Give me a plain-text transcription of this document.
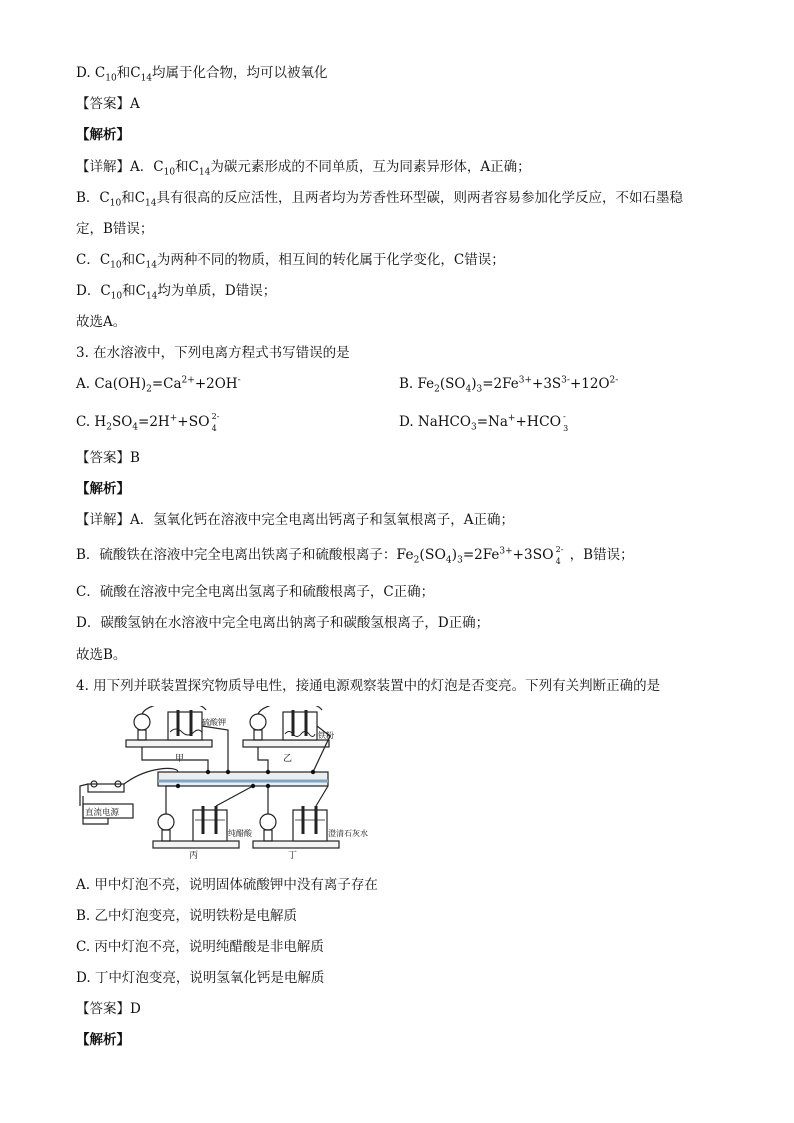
D. $C_{10}$和$C_{14}$均属于化合物，均可以被氧化
【答案】A
【解析】
【详解】A．$C_{10}$和$C_{14}$为碳元素形成的不同单质，互为同素异形体，A正确；
B．$C_{10}$和$C_{14}$具有很高的反应活性，且两者均为芳香性环型碳，则两者容易参加化学反应，不如石墨稳
定，B错误；
C．$C_{10}$和$C_{14}$为两种不同的物质，相互间的转化属于化学变化，C错误；
D．$C_{10}$和$C_{14}$均为单质，D错误；
故选A。
3. 在水溶液中，下列电离方程式书写错误的是
A. $Ca(OH)_2=Ca^{2+}+2OH^-$	B. $Fe_2(SO_4)_3=2Fe^{3+}+3S^{3-}+12O^{2-}$
C. $H_2SO_4=2H^++SO$ 2-
4	D. NaHCO$_3$=Na++HCO -
3
【答案】B
【解析】
【详解】A．氢氧化钙在溶液中完全电离出钙离子和氢氧根离子，A正确；
B．硫酸铁在溶液中完全电离出铁离子和硫酸根离子：$Fe_2(SO_4)_3=2Fe^{3+}+3SO$ 2-
4 ，B错误；
C．硫酸在溶液中完全电离出氢离子和硫酸根离子，C正确；
D．碳酸氢钠在水溶液中完全电离出钠离子和碳酸氢根离子，D正确；
故选B。
4. 用下列并联装置探究物质导电性，接通电源观察装置中的灯泡是否变亮。下列有关判断正确的是
甲	乙
丙	丁
硫酸钾
铁粉
纯醋酸	澄清石灰水
直流电源
A. 甲中灯泡不亮，说明固体硫酸钾中没有离子存在
B. 乙中灯泡变亮，说明铁粉是电解质
C. 丙中灯泡不亮，说明纯醋酸是非电解质
D. 丁中灯泡变亮，说明氢氧化钙是电解质
【答案】D
【解析】
